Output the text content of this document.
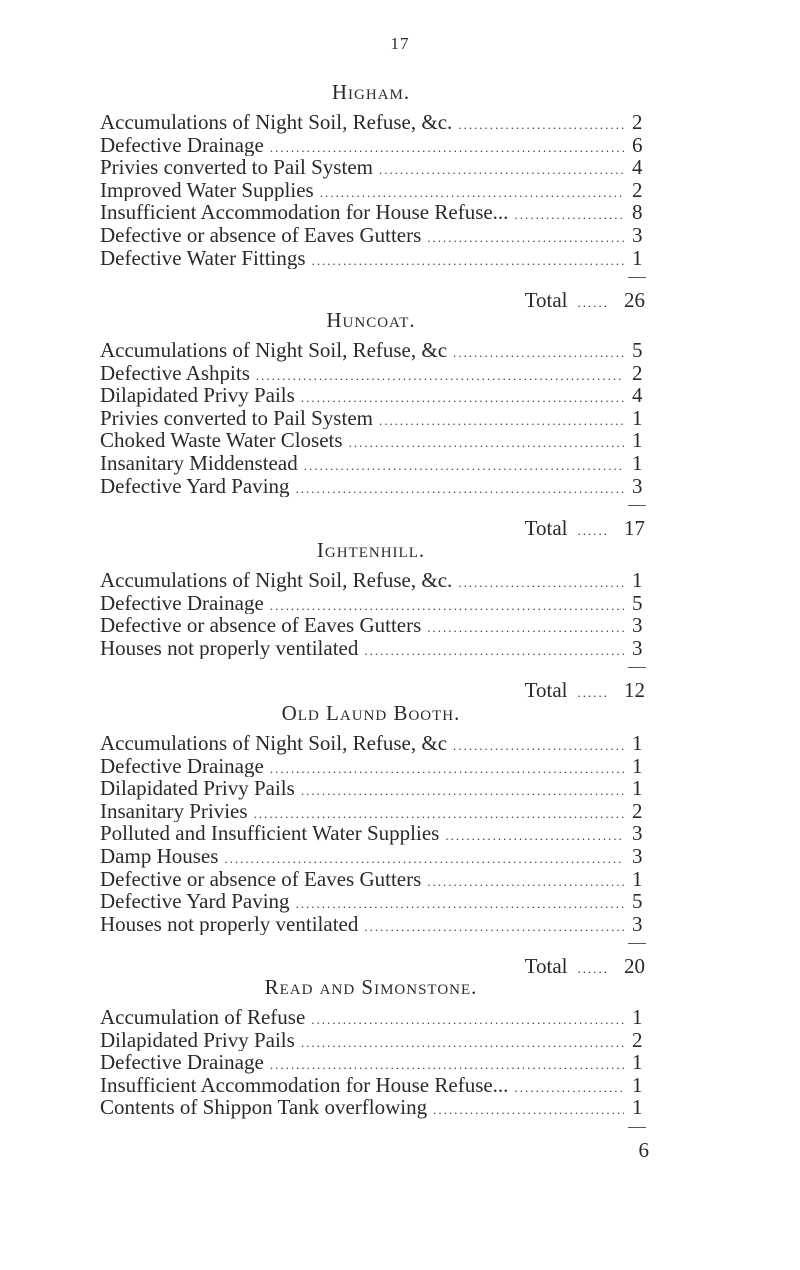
17
Higham.
Accumulations of Night Soil, Refuse, &c. .....	2
Defective Drainage .....	6
Privies converted to Pail System .....	4
Improved Water Supplies .....	2
Insufficient Accommodation for House Refuse... .....	8
Defective or absence of Eaves Gutters .....	3
Defective Water Fittings .....	1
Total ......	26
Huncoat.
Accumulations of Night Soil, Refuse, &c .....	5
Defective Ashpits .....	2
Dilapidated Privy Pails .....	4
Privies converted to Pail System .....	1
Choked Waste Water Closets .....	1
Insanitary Middenstead .....	1
Defective Yard Paving .....	3
Total ......	17
Ightenhill.
Accumulations of Night Soil, Refuse, &c. .....	1
Defective Drainage .....	5
Defective or absence of Eaves Gutters .....	3
Houses not properly ventilated .....	3
Total ......	12
Old Laund Booth.
Accumulations of Night Soil, Refuse, &c .....	1
Defective Drainage .....	1
Dilapidated Privy Pails .....	1
Insanitary Privies .....	2
Polluted and Insufficient Water Supplies .....	3
Damp Houses .....	3
Defective or absence of Eaves Gutters .....	1
Defective Yard Paving .....	5
Houses not properly ventilated .....	3
Total ......	20
Read and Simonstone.
Accumulation of Refuse .....	1
Dilapidated Privy Pails .....	2
Defective Drainage .....	1
Insufficient Accommodation for House Refuse... .....	1
Contents of Shippon Tank overflowing .....	1
6
